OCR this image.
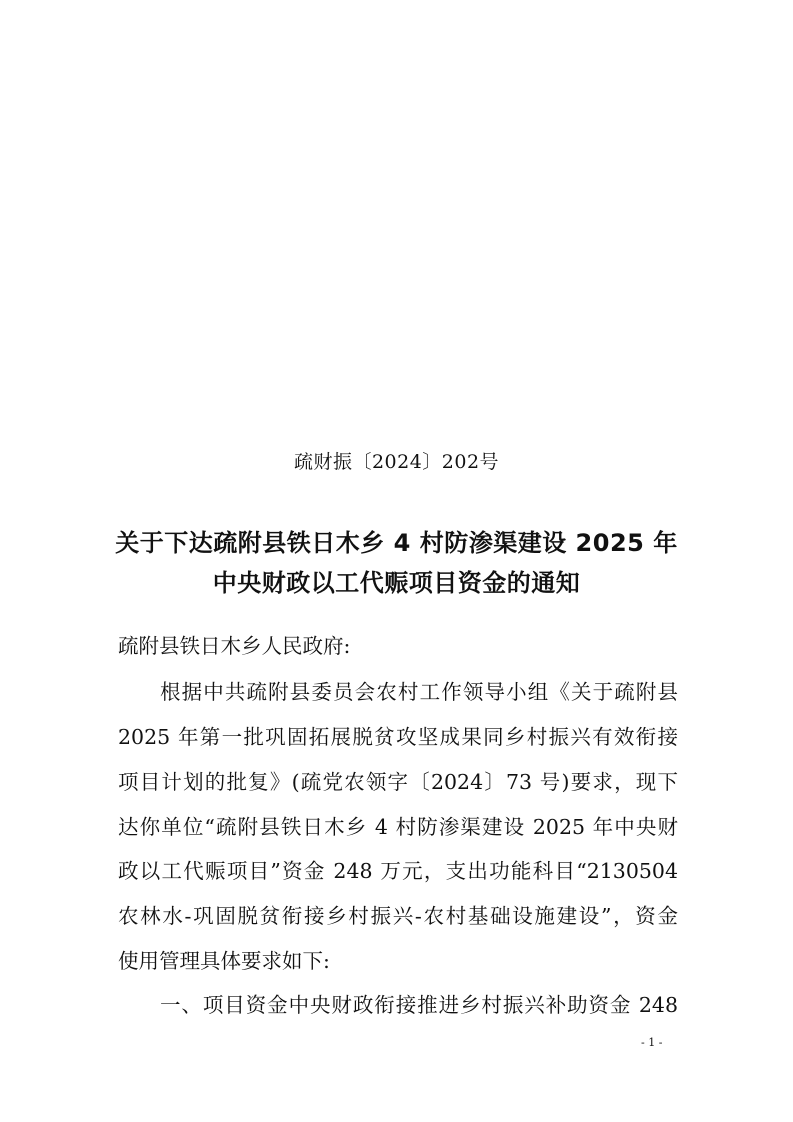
疏财振〔2024〕202号
关于下达疏附县铁日木乡 4 村防渗渠建设 2025 年
中央财政以工代赈项目资金的通知
疏附县铁日木乡人民政府:
根据中共疏附县委员会农村工作领导小组《关于疏附县
2025 年第一批巩固拓展脱贫攻坚成果同乡村振兴有效衔接
项目计划的批复》(疏党农领字〔2024〕73 号)要求，现下
达你单位“疏附县铁日木乡 4 村防渗渠建设 2025 年中央财
政以工代赈项目”资金 248 万元，支出功能科目“2130504
农林水-巩固脱贫衔接乡村振兴-农村基础设施建设”，资金
使用管理具体要求如下:
一、项目资金中央财政衔接推进乡村振兴补助资金 248
- 1 -
